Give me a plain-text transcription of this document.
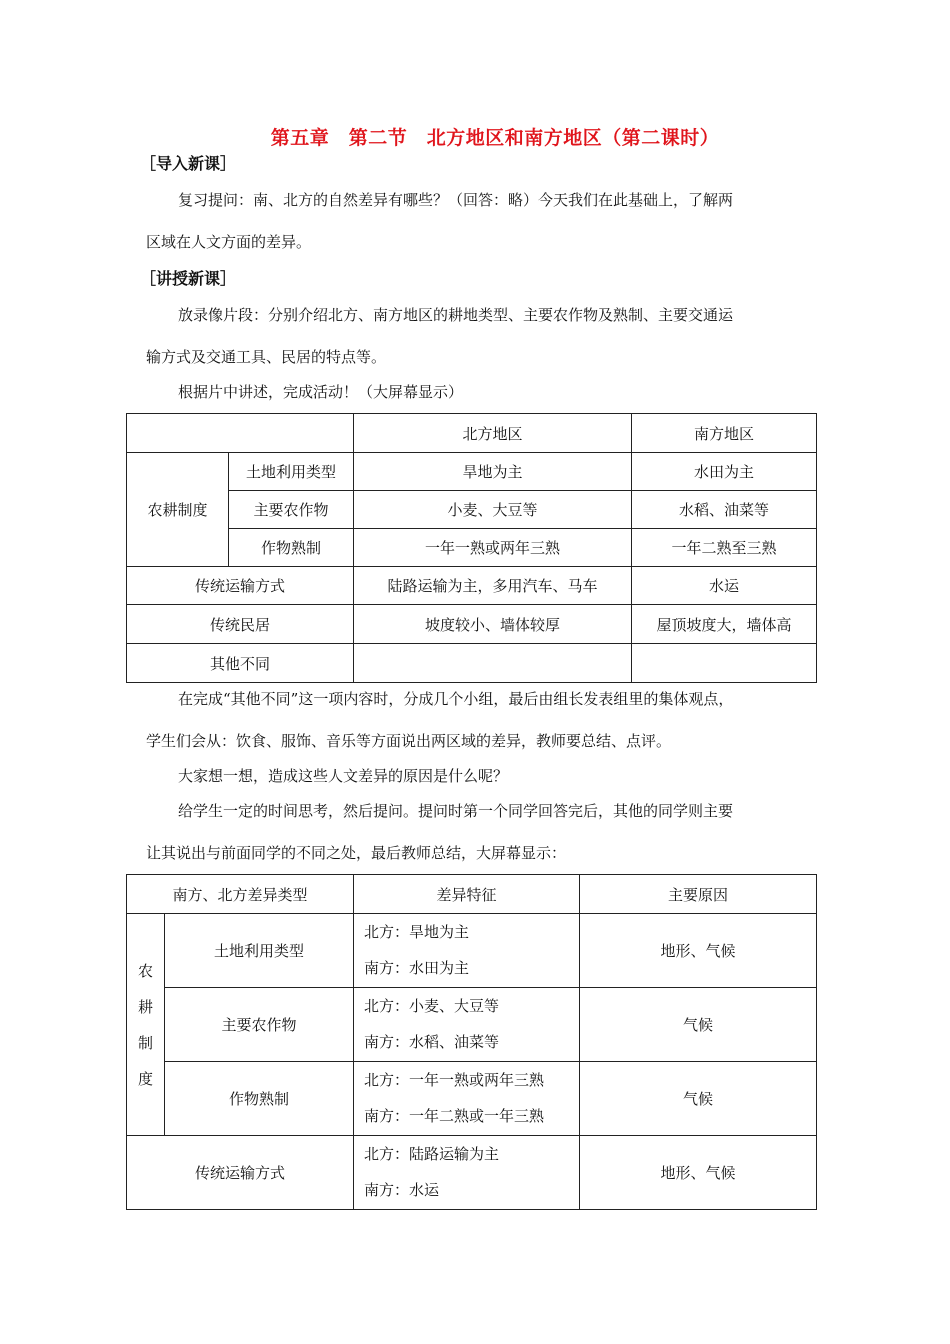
第五章　第二节　北方地区和南方地区（第二课时）
［导入新课］
复习提问：南、北方的自然差异有哪些？（回答：略）今天我们在此基础上，了解两
区域在人文方面的差异。
［讲授新课］
放录像片段：分别介绍北方、南方地区的耕地类型、主要农作物及熟制、主要交通运
输方式及交通工具、民居的特点等。
根据片中讲述，完成活动！（大屏幕显示）
		北方地区	南方地区
农耕制度	土地利用类型	旱地为主	水田为主
	主要农作物	小麦、大豆等	水稻、油菜等
	作物熟制	一年一熟或两年三熟	一年二熟至三熟
传统运输方式		陆路运输为主，多用汽车、马车	水运
传统民居		坡度较小、墙体较厚	屋顶坡度大，墙体高
其他不同			
在完成“其他不同”这一项内容时，分成几个小组，最后由组长发表组里的集体观点，
学生们会从：饮食、服饰、音乐等方面说出两区域的差异，教师要总结、点评。
大家想一想，造成这些人文差异的原因是什么呢？
给学生一定的时间思考，然后提问。提问时第一个同学回答完后，其他的同学则主要
让其说出与前面同学的不同之处，最后教师总结，大屏幕显示：
南方、北方差异类型		差异特征	主要原因

农
耕
制
度	土地利用类型	北方：旱地为主
南方：水田为主	地形、气候
	主要农作物	北方：小麦、大豆等
南方：水稻、油菜等	气候
	作物熟制	北方：一年一熟或两年三熟
南方：一年二熟或一年三熟	气候
传统运输方式		北方：陆路运输为主
南方：水运	地形、气候
